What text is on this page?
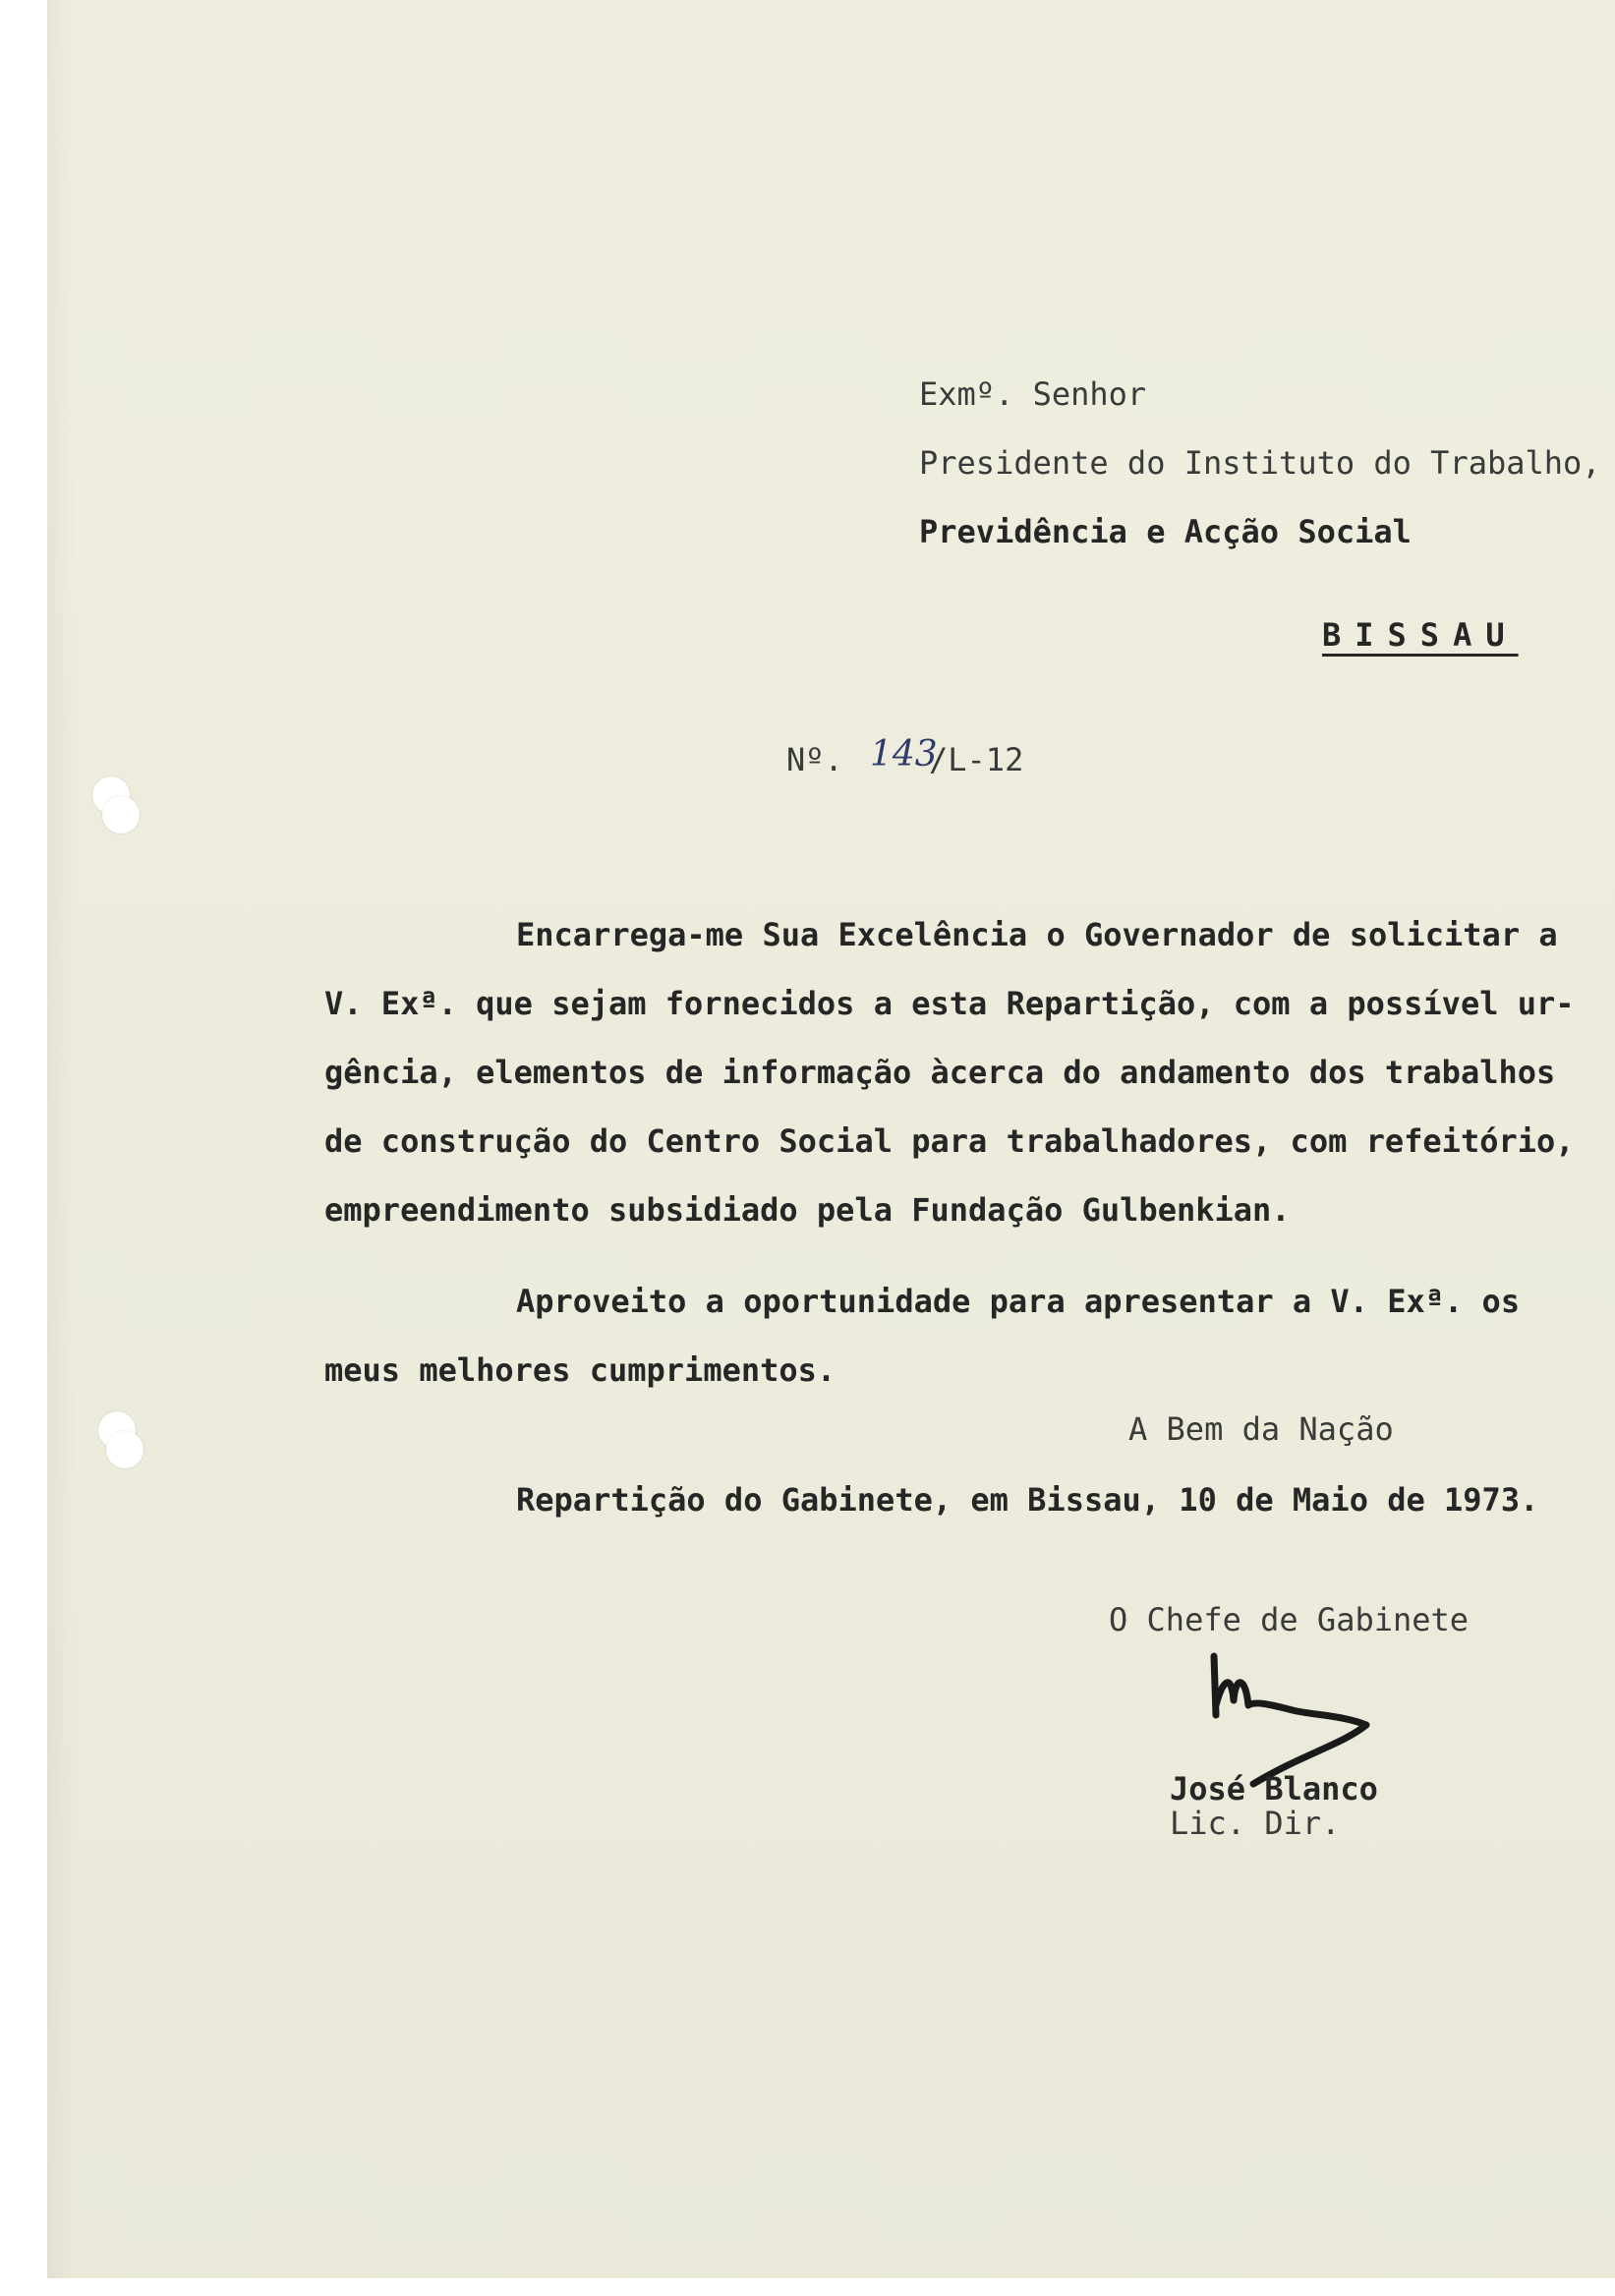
Exmº. Senhor
Presidente do Instituto do Trabalho,
Previdência e Acção Social
BISSAU
Nº. 143
/L-12
Encarrega-me Sua Excelência o Governador de solicitar a
V. Exª. que sejam fornecidos a esta Repartição, com a possível ur-
gência, elementos de informação àcerca do andamento dos trabalhos
de construção do Centro Social para trabalhadores, com refeitório,
empreendimento subsidiado pela Fundação Gulbenkian.
Aproveito a oportunidade para apresentar a V. Exª. os
meus melhores cumprimentos.
A Bem da Nação
Repartição do Gabinete, em Bissau, 10 de Maio de 1973.
O Chefe de Gabinete
José Blanco
Lic. Dir.
